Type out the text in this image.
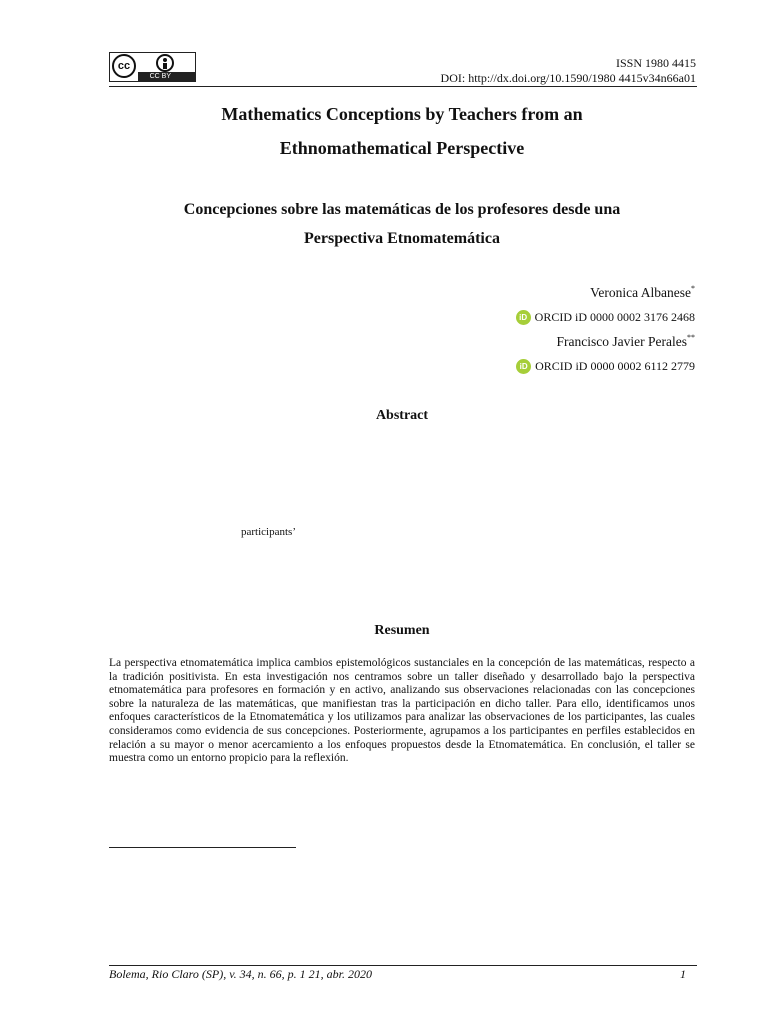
cc
CC BY
ISSN 1980 4415
DOI: http://dx.doi.org/10.1590/1980 4415v34n66a01
Mathematics Conceptions by Teachers from an
Ethnomathematical Perspective
Concepciones sobre las matemáticas de los profesores desde una
Perspectiva Etnomatemática
Veronica Albanese*
iD ORCID iD 0000 0002 3176 2468
Francisco Javier Perales**
iD ORCID iD 0000 0002 6112 2779
Abstract
participants’
Resumen
La perspectiva etnomatemática implica cambios epistemológicos sustanciales en la concepción de las matemáticas, respecto a la tradición positivista. En esta investigación nos centramos sobre un taller diseñado y desarrollado bajo la perspectiva etnomatemática para profesores en formación y en activo, analizando sus observaciones relacionadas con las concepciones sobre la naturaleza de las matemáticas, que manifiestan tras la participación en dicho taller. Para ello, identificamos unos enfoques característicos de la Etnomatemática y los utilizamos para analizar las observaciones de los participantes, las cuales consideramos como evidencia de sus concepciones. Posteriormente, agrupamos a los participantes en perfiles establecidos en relación a su mayor o menor acercamiento a los enfoques propuestos desde la Etnomatemática. En conclusión, el taller se muestra como un entorno propicio para la reflexión.
Bolema, Rio Claro (SP), v. 34, n. 66, p. 1 21, abr. 2020	1
